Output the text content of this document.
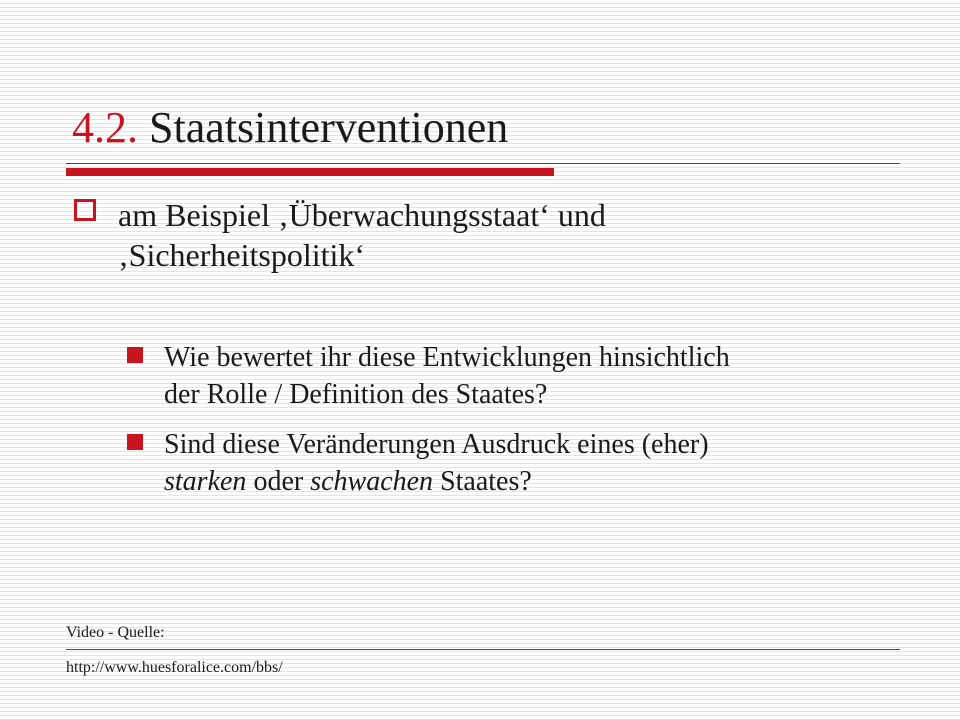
4.2. Staatsinterventionen

am Beispiel ‚Überwachungsstaat‘ und
‚Sicherheitspolitik‘

Wie bewertet ihr diese Entwicklungen hinsichtlich
der Rolle / Definition des Staates?

Sind diese Veränderungen Ausdruck eines (eher)
starken oder schwachen Staates?

Video - Quelle:
http://www.huesforalice.com/bbs/
